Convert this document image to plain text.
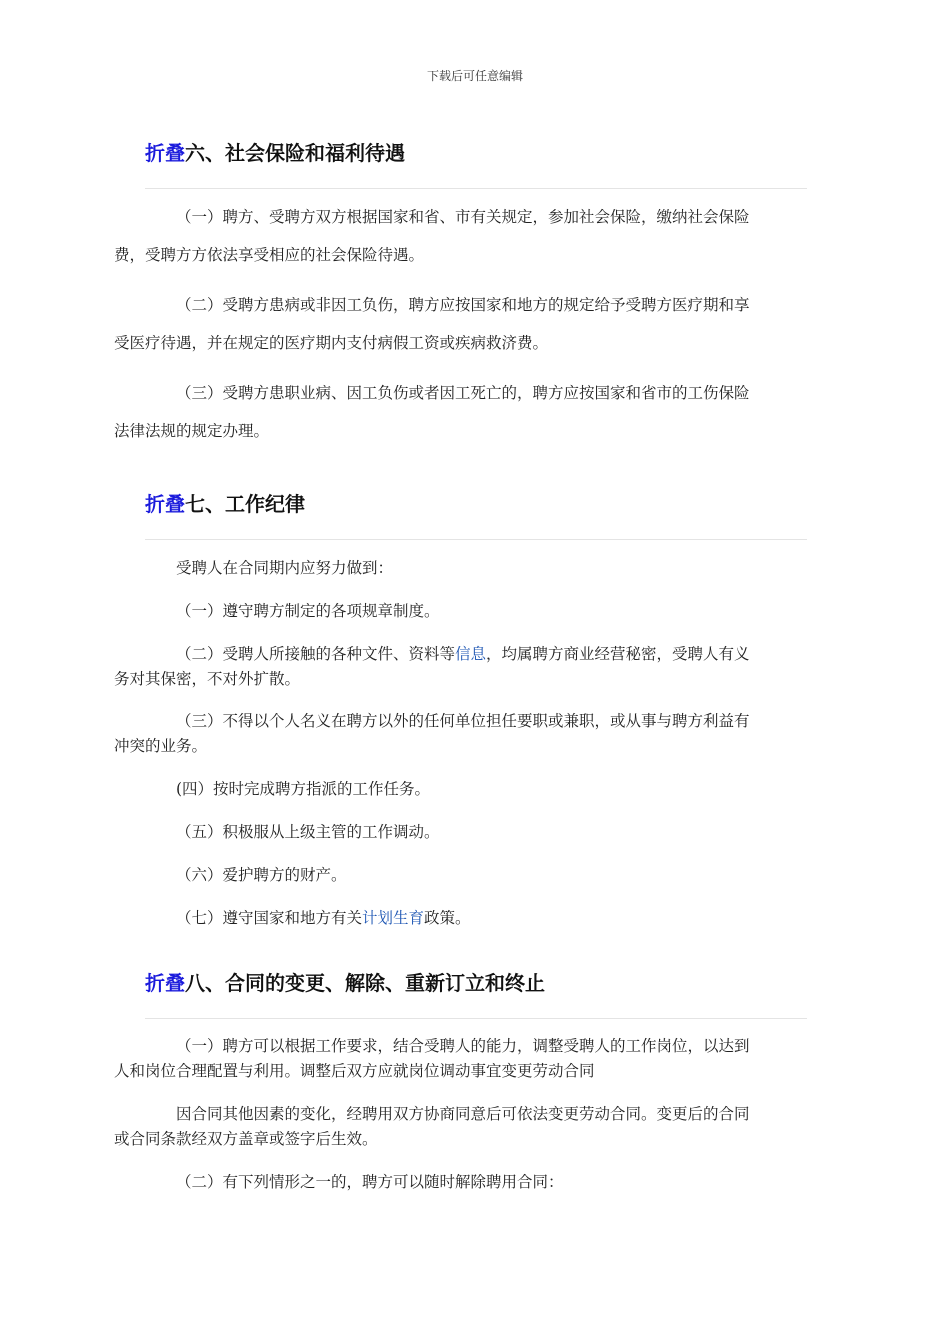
下载后可任意编辑
折叠六、社会保险和福利待遇

（一）聘方、受聘方双方根据国家和省、市有关规定，参加社会保险，缴纳社会保险
费，受聘方方依法享受相应的社会保险待遇。

（二）受聘方患病或非因工负伤，聘方应按国家和地方的规定给予受聘方医疗期和享
受医疗待遇，并在规定的医疗期内支付病假工资或疾病救济费。

（三）受聘方患职业病、因工负伤或者因工死亡的，聘方应按国家和省市的工伤保险
法律法规的规定办理。

折叠七、工作纪律

受聘人在合同期内应努力做到：

（一）遵守聘方制定的各项规章制度。

（二）受聘人所接触的各种文件、资料等信息，均属聘方商业经营秘密，受聘人有义
务对其保密，不对外扩散。

（三）不得以个人名义在聘方以外的任何单位担任要职或兼职，或从事与聘方利益有
冲突的业务。

(四）按时完成聘方指派的工作任务。

（五）积极服从上级主管的工作调动。

（六）爱护聘方的财产。

（七）遵守国家和地方有关计划生育政策。

折叠八、合同的变更、解除、重新订立和终止

（一）聘方可以根据工作要求，结合受聘人的能力，调整受聘人的工作岗位，以达到
人和岗位合理配置与利用。调整后双方应就岗位调动事宜变更劳动合同

因合同其他因素的变化，经聘用双方协商同意后可依法变更劳动合同。变更后的合同
或合同条款经双方盖章或签字后生效。

（二）有下列情形之一的，聘方可以随时解除聘用合同：
